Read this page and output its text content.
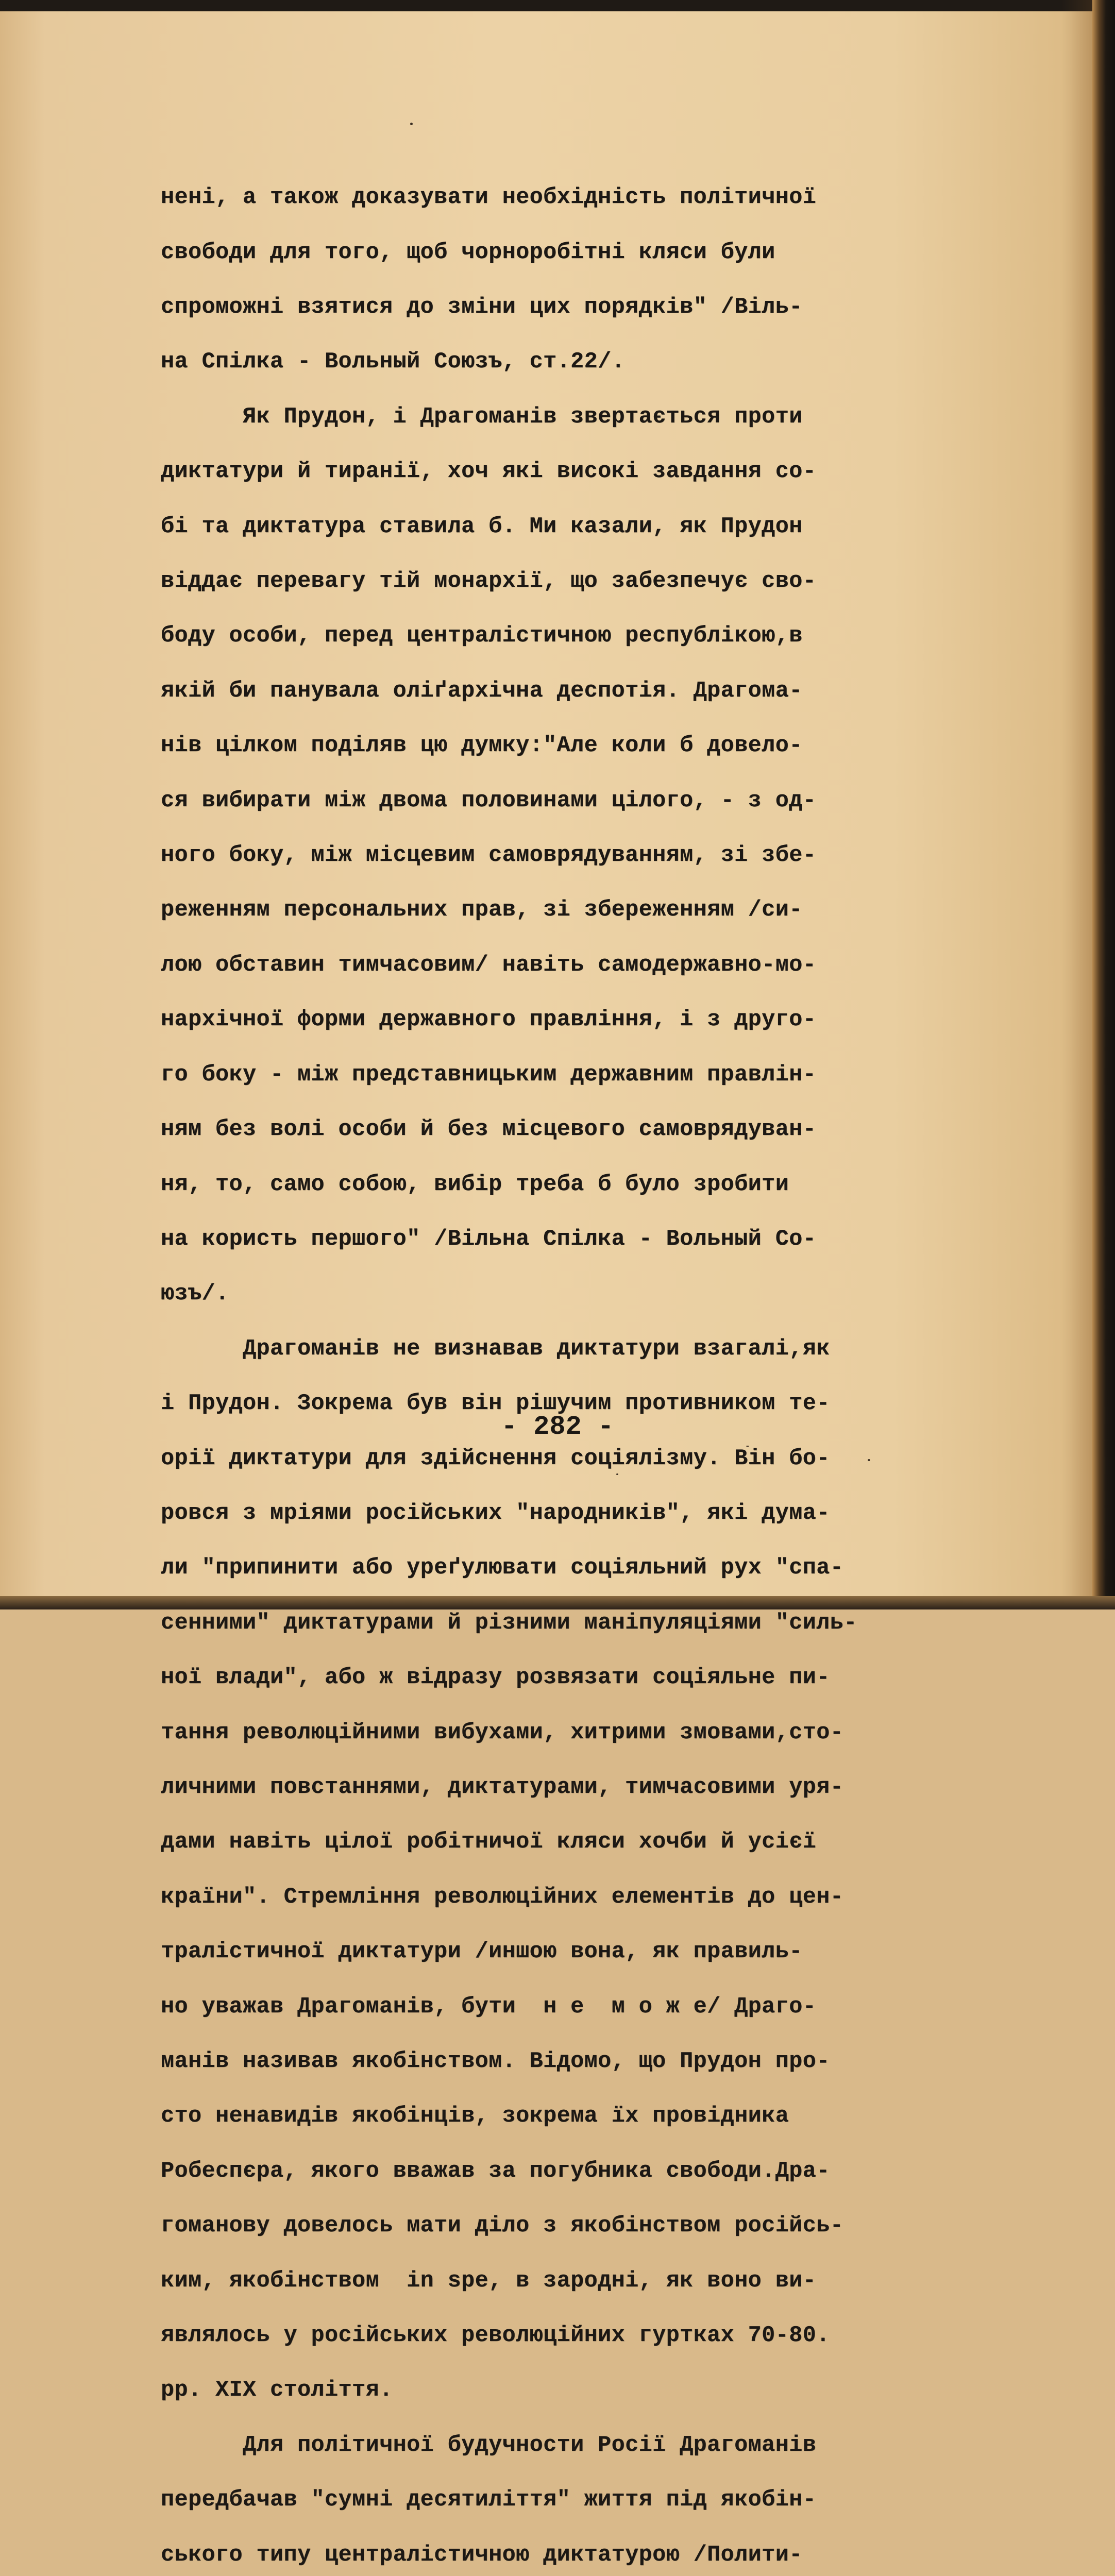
нені, а також доказувати необхідність політичної

свободи для того, щоб чорноробітні кляси були

спроможні взятися до зміни цих порядків" /Віль-

на Спілка - Вольный Союзъ, ст.22/.

Як Прудон, і Драгоманів звертається проти

диктатури й тиранії, хоч які високі завдання со-

бі та диктатура ставила б. Ми казали, як Прудон

віддає перевагу тій монархії, що забезпечує сво-

боду особи, перед централістичною республікою,в

якій би панувала оліґархічна деспотія. Драгома-

нів цілком поділяв цю думку:"Але коли б довело-

ся вибирати між двома половинами цілого, - з од-

ного боку, між місцевим самоврядуванням, зі збе-

реженням персональних прав, зі збереженням /си-

лою обставин тимчасовим/ навіть самодержавно-мо-

нархічної форми державного правління, і з друго-

го боку - між представницьким державним правлін-

ням без волі особи й без місцевого самоврядуван-

ня, то, само собою, вибір треба б було зробити

на користь першого" /Вільна Спілка - Вольный Со-

юзъ/.

Драгоманів не визнавав диктатури взагалі,як

і Прудон. Зокрема був він рішучим противником те-

орії диктатури для здійснення соціялізму. Він бо-

ровся з мріями російських "народників", які дума-

ли "припинити або уреґулювати соціяльний рух "спа-

сенними" диктатурами й різними маніпуляціями "силь-

ної влади", або ж відразу розвязати соціяльне пи-

тання революційними вибухами, хитрими змовами,сто-

личними повстаннями, диктатурами, тимчасовими уря-

дами навіть цілої робітничої кляси хочби й усієї

країни". Стремління революційних елементів до цен-

тралістичної диктатури /иншою вона, як правиль-

но уважав Драгоманів, бути  н е  м о ж е/ Драго-

манів називав якобінством. Відомо, що Прудон про-

сто ненавидів якобінців, зокрема їх провідника

Робеспєра, якого вважав за погубника свободи.Дра-

гоманову довелось мати діло з якобінством російсь-

ким, якобінством  in spe, в зародні, як воно ви-

являлось у російських революційних гуртках 70-80.

рр. XIX століття.

Для політичної будучности Росії Драгоманів

передбачав "сумні десятиліття" життя під якобін-

ського типу централістичною диктатурою /Полити-

- 282 -
